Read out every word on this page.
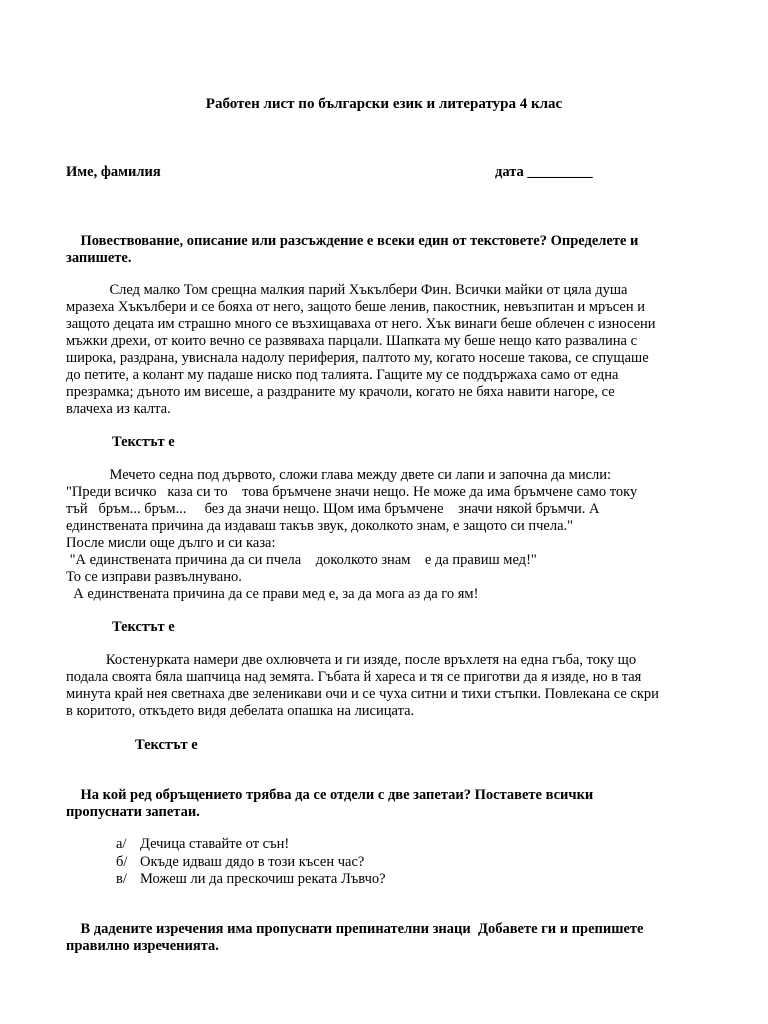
Работен лист по български език и литература 4 клас
Име, фамилия	дата _________

Повествование, описание или разсъждение е всеки един от текстовете? Определете и

запишете.

След малко Том срещна малкия парий Хъкълбери Фин. Всички майки от цяла душа

мразеха Хъкълбери и се бояха от него, защото беше ленив, пакостник, невъзпитан и мръсен и

защото децата им страшно много се възхищаваха от него. Хък винаги беше облечен с износени

мъжки дрехи, от които вечно се развяваха парцали. Шапката му беше нещо като развалина с

широка, раздрана, увиснала надолу периферия, палтото му, когато носеше такова, се спущаше

до петите, а колант му падаше ниско под талията. Гащите му се поддържаха само от една

презрамка; дъното им висеше, а раздраните му крачоли, когато не бяха навити нагоре, се

влачеха из калта.

Текстът е

Мечето седна под дървото, сложи глава между двете си лапи и започна да мисли:

"Преди всичко   каза си то    това бръмчене значи нещо. Не може да има бръмчене само току

тъй   бръм... бръм...     без да значи нещо. Щом има бръмчене    значи някой бръмчи. А

единствената причина да издаваш такъв звук, доколкото знам, е защото си пчела."

После мисли още дълго и си каза:

"А единствената причина да си пчела    доколкото знам    е да правиш мед!"

То се изправи развълнувано.

А единствената причина да се прави мед е, за да мога аз да го ям!

Текстът е

Костенурката намери две охлювчета и ги изяде, после връхлетя на една гъба, току що

подала своята бяла шапчица над земята. Гъбата й хареса и тя се приготви да я изяде, но в тая

минута край нея светнаха две зеленикави очи и се чуха ситни и тихи стъпки. Повлекана се скри

в коритото, откъдето видя дебелата опашка на лисицата.

Текстът е

На кой ред обръщението трябва да се отдели с две запетаи? Поставете всички

пропуснати запетаи.

а/ Дечица ставайте от сън!
б/ Окъде идваш дядо в този късен час?
в/ Можеш ли да прескочиш реката Лъвчо?

В дадените изречения има пропуснати препинателни знаци  Добавете ги и препишете

правилно изреченията.
